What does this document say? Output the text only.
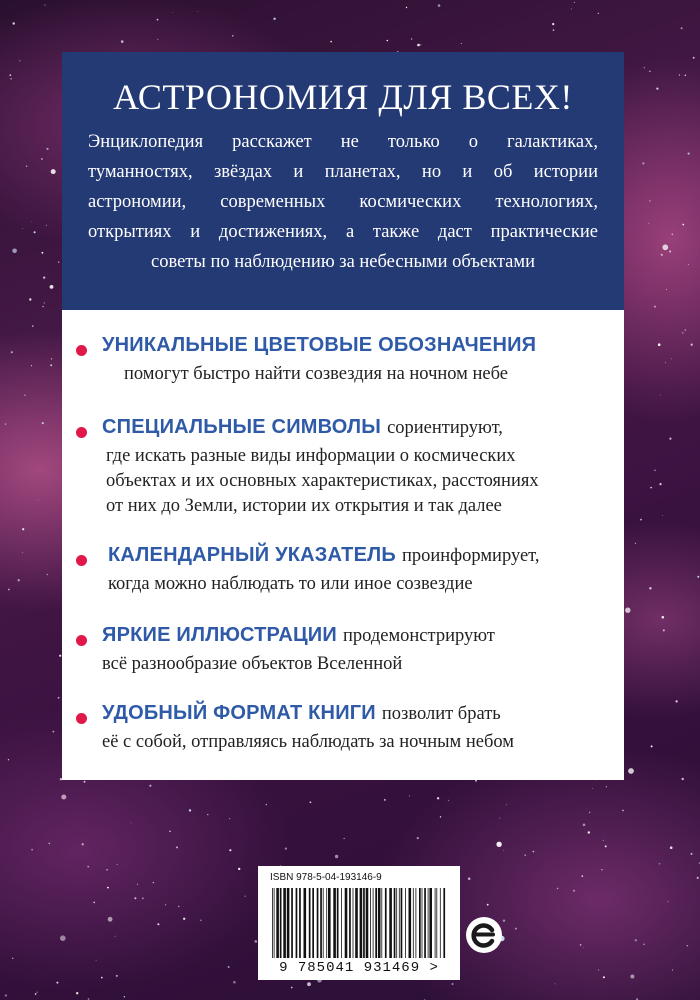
АСТРОНОМИЯ ДЛЯ ВСЕХ!
Энциклопедия расскажет не только о галактиках,
туманностях, звёздах и планетах, но и об истории
астрономии, современных космических технологиях,
открытиях и достижениях, а также даст практические
советы по наблюдению за небесными объектами
УНИКАЛЬНЫЕ ЦВЕТОВЫЕ ОБОЗНАЧЕНИЯ
помогут быстро найти созвездия на ночном небе
СПЕЦИАЛЬНЫЕ СИМВОЛЫ сориентируют,
где искать разные виды информации о космических
объектах и их основных характеристиках, расстояниях
от них до Земли, истории их открытия и так далее
КАЛЕНДАРНЫЙ УКАЗАТЕЛЬ проинформирует,
когда можно наблюдать то или иное созвездие
ЯРКИЕ ИЛЛЮСТРАЦИИ продемонстрируют
всё разнообразие объектов Вселенной
УДОБНЫЙ ФОРМАТ КНИГИ позволит брать
её с собой, отправляясь наблюдать за ночным небом
ISBN 978-5-04-193146-9
9 785041 931469 >
